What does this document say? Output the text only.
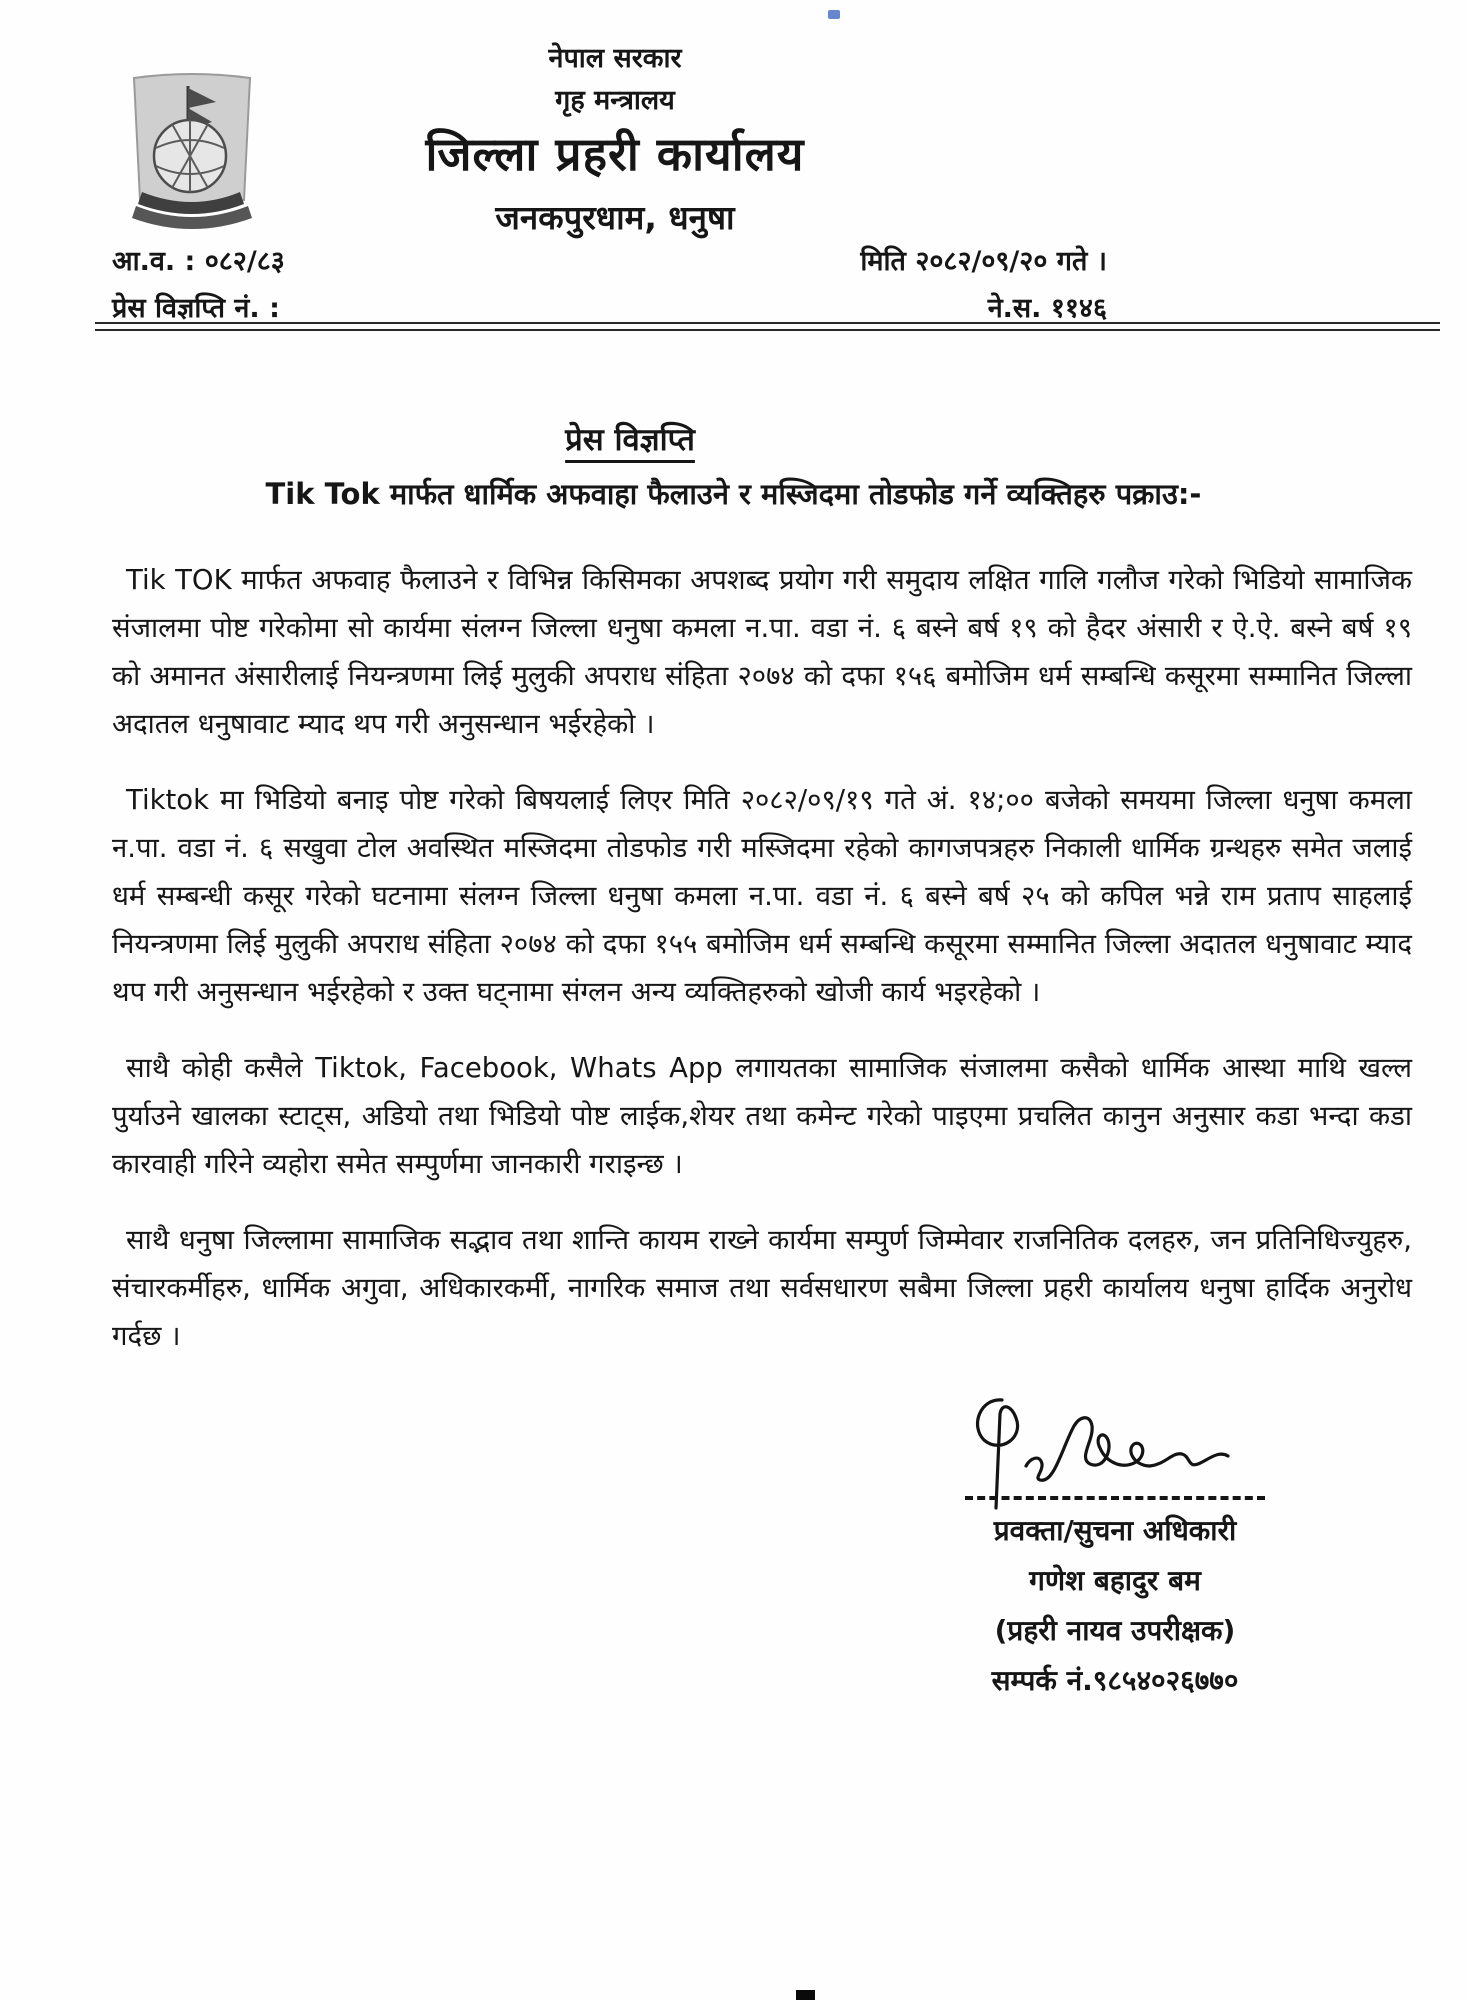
नेपाल सरकार
गृह मन्त्रालय
जिल्ला प्रहरी कार्यालय
जनकपुरधाम, धनुषा
आ.व. : ०८२/८३	मिति २०८२/०९/२० गते ।
प्रेस विज्ञप्ति नं. :	ने.स. ११४६
प्रेस विज्ञप्ति
Tik Tok मार्फत धार्मिक अफवाहा फैलाउने र मस्जिदमा तोडफोड गर्ने व्यक्तिहरु पक्राउ:-

Tik TOK मार्फत अफवाह फैलाउने र विभिन्न किसिमका अपशब्द प्रयोग गरी समुदाय लक्षित गालि गलौज गरेको भिडियो सामाजिक संजालमा पोष्ट गरेकोमा सो कार्यमा संलग्न जिल्ला धनुषा कमला न.पा. वडा नं. ६ बस्ने बर्ष १९ को हैदर अंसारी र ऐ.ऐ. बस्ने बर्ष १९ को अमानत अंसारीलाई नियन्त्रणमा लिई मुलुकी अपराध संहिता २०७४ को दफा १५६ बमोजिम धर्म सम्बन्धि कसूरमा सम्मानित जिल्ला अदातल धनुषावाट म्याद थप गरी अनुसन्धान भईरहेको ।

Tiktok मा भिडियो बनाइ पोष्ट गरेको बिषयलाई लिएर मिति २०८२/०९/१९ गते अं. १४;०० बजेको समयमा जिल्ला धनुषा कमला न.पा. वडा नं. ६ सखुवा टोल अवस्थित मस्जिदमा तोडफोड गरी मस्जिदमा रहेको कागजपत्रहरु निकाली धार्मिक ग्रन्थहरु समेत जलाई धर्म सम्बन्धी कसूर गरेको घटनामा संलग्न जिल्ला धनुषा कमला न.पा. वडा नं. ६ बस्ने बर्ष २५ को कपिल भन्ने राम प्रताप साहलाई नियन्त्रणमा लिई मुलुकी अपराध संहिता २०७४ को दफा १५५ बमोजिम धर्म सम्बन्धि कसूरमा सम्मानित जिल्ला अदातल धनुषावाट म्याद थप गरी अनुसन्धान भईरहेको र उक्त घट्नामा संग्लन अन्य व्यक्तिहरुको खोजी कार्य भइरहेको ।

साथै कोही कसैले Tiktok, Facebook, Whats App लगायतका सामाजिक संजालमा कसैको धार्मिक आस्था माथि खल्ल पुर्याउने खालका स्टाट्स, अडियो तथा भिडियो पोष्ट लाईक,शेयर तथा कमेन्ट गरेको पाइएमा प्रचलित कानुन अनुसार कडा भन्दा कडा कारवाही गरिने व्यहोरा समेत सम्पुर्णमा जानकारी गराइन्छ ।

साथै धनुषा जिल्लामा सामाजिक सद्भाव तथा शान्ति कायम राख्ने कार्यमा सम्पुर्ण जिम्मेवार राजनितिक दलहरु, जन प्रतिनिधिज्युहरु, संचारकर्मीहरु, धार्मिक अगुवा, अधिकारकर्मी, नागरिक समाज तथा सर्वसधारण सबैमा जिल्ला प्रहरी कार्यालय धनुषा हार्दिक अनुरोध गर्दछ ।

प्रवक्ता/सुचना अधिकारी
गणेश बहादुर बम
(प्रहरी नायव उपरीक्षक)
सम्पर्क नं.९८५४०२६७७०
